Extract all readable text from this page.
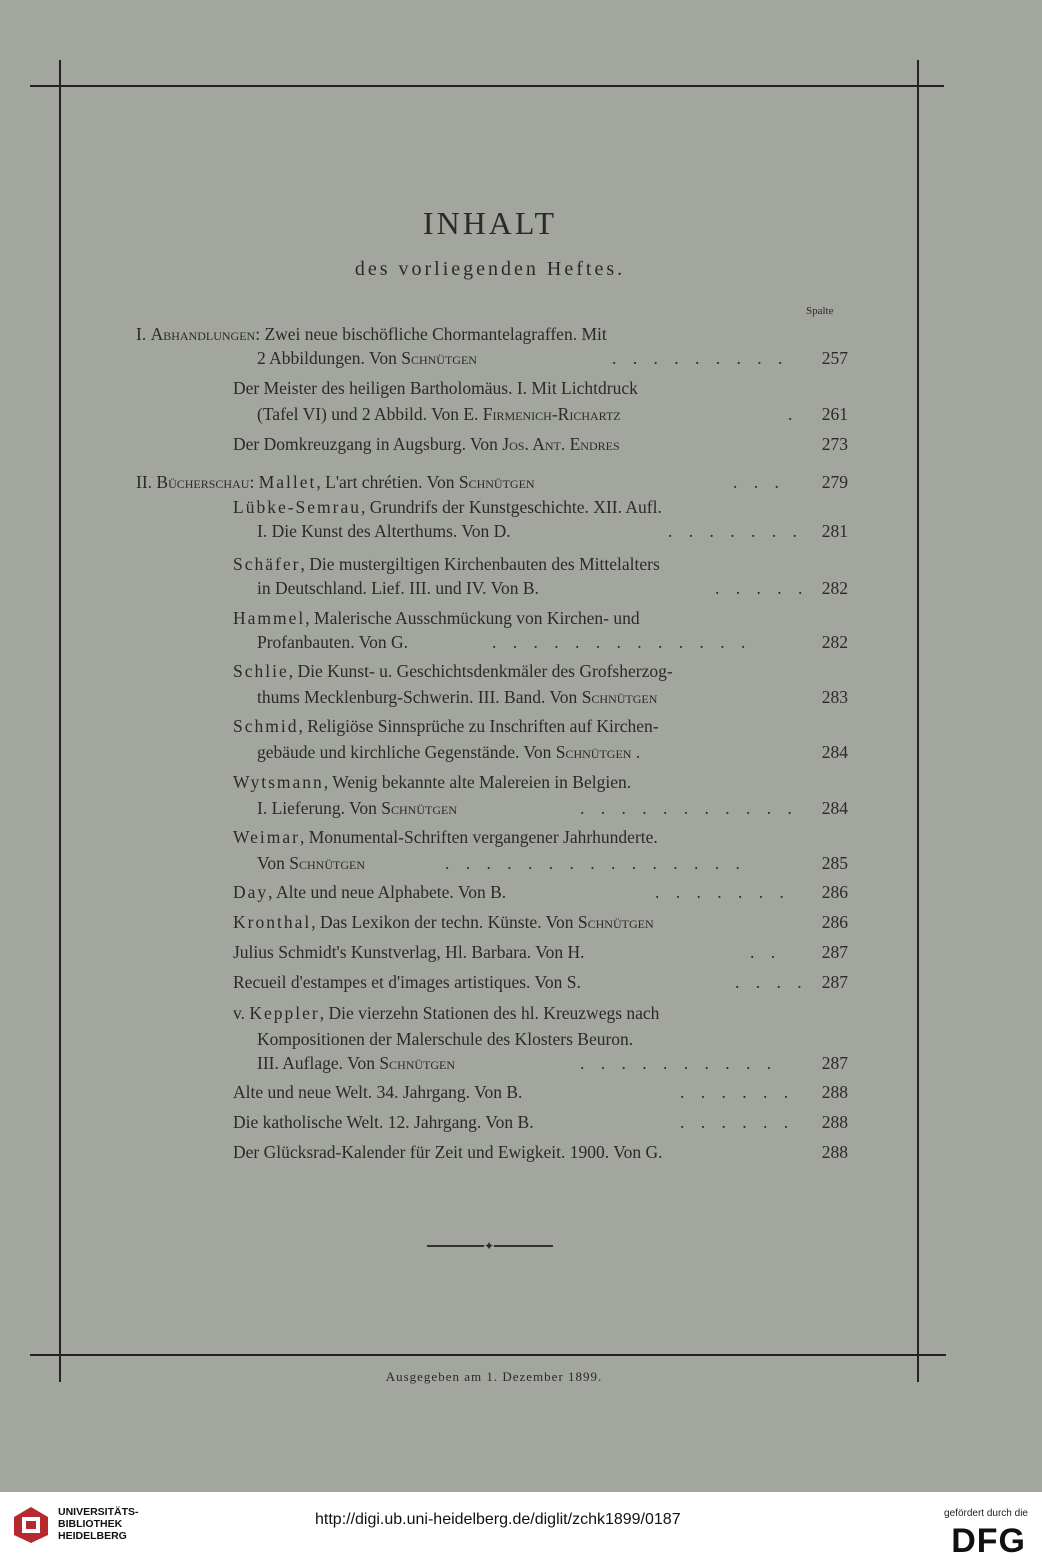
INHALT
des vorliegenden Heftes.
Spalte
I. Abhandlungen: Zwei neue bischöfliche Chormantelagraffen. Mit
2 Abbildungen. Von Schnütgen	. . . . . . . . .	257
Der Meister des heiligen Bartholomäus. I. Mit Lichtdruck
(Tafel VI) und 2 Abbild. Von E. Firmenich-Richartz	.	261
Der Domkreuzgang in Augsburg. Von Jos. Ant. Endres	273
II. Bücherschau: Mallet, L'art chrétien. Von Schnütgen	. . .	279
Lübke-Semrau, Grundrifs der Kunstgeschichte. XII. Aufl.
I. Die Kunst des Alterthums. Von D.	. . . . . . .	281
Schäfer, Die mustergiltigen Kirchenbauten des Mittelalters
in Deutschland. Lief. III. und IV. Von B.	. . . . . 282
Hammel, Malerische Ausschmückung von Kirchen- und
Profanbauten. Von G.	. . . . . . . . . . . . .	282
Schlie, Die Kunst- u. Geschichtsdenkmäler des Grofsherzog-
thums Mecklenburg-Schwerin. III. Band. Von Schnütgen	283
Schmid, Religiöse Sinnsprüche zu Inschriften auf Kirchen-
gebäude und kirchliche Gegenstände. Von Schnütgen .	284
Wytsmann, Wenig bekannte alte Malereien in Belgien.
I. Lieferung. Von Schnütgen	. . . . . . . . . . .	284
Weimar, Monumental-Schriften vergangener Jahrhunderte.
Von Schnütgen	. . . . . . . . . . . . . . .	285
Day, Alte und neue Alphabete. Von B.	. . . . . . .	286
Kronthal, Das Lexikon der techn. Künste. Von Schnütgen	286
Julius Schmidt's Kunstverlag, Hl. Barbara. Von H.	. .	287
Recueil d'estampes et d'images artistiques. Von S.	. . . . 287
v. Keppler, Die vierzehn Stationen des hl. Kreuzwegs nach
Kompositionen der Malerschule des Klosters Beuron.
III. Auflage. Von Schnütgen	. . . . . . . . . .	287
Alte und neue Welt. 34. Jahrgang. Von B.	. . . . . .	288
Die katholische Welt. 12. Jahrgang. Von B.	. . . . . .	288
Der Glücksrad-Kalender für Zeit und Ewigkeit. 1900. Von G.	288
✦
Ausgegeben am 1. Dezember 1899.
UNIVERSITÄTS-
BIBLIOTHEK
HEIDELBERG
http://digi.ub.uni-heidelberg.de/diglit/zchk1899/0187	gefördert durch die
DFG
